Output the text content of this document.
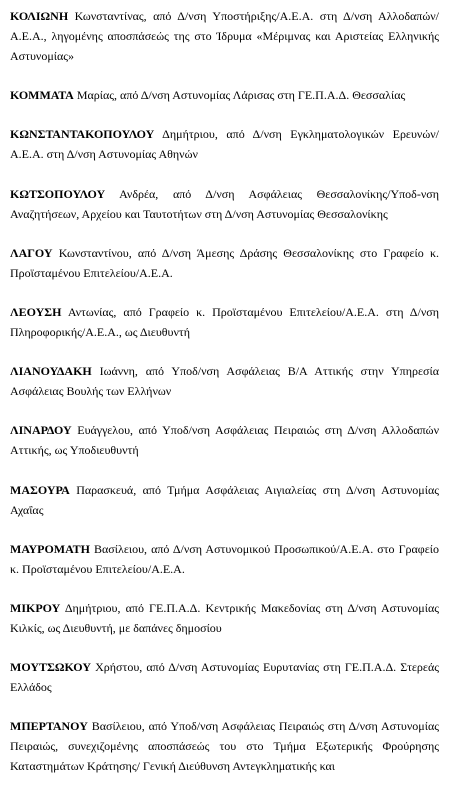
ΚΟΛΙΩΝΗ Κωνσταντίνας, από Δ/νση Υποστήριξης/Α.Ε.Α. στη Δ/νση Αλλοδαπών/Α.Ε.Α., ληγομένης αποσπάσεώς της στο Ίδρυμα «Μέριμνας και Αριστείας Ελληνικής Αστυνομίας»

ΚΟΜΜΑΤΑ Μαρίας, από Δ/νση Αστυνομίας Λάρισας στη ΓΕ.Π.Α.Δ. Θεσσαλίας

ΚΩΝΣΤΑΝΤΑΚΟΠΟΥΛΟΥ Δημήτριου, από Δ/νση Εγκληματολογικών Ερευνών/Α.Ε.Α. στη Δ/νση Αστυνομίας Αθηνών

ΚΩΤΣΟΠΟΥΛΟΥ Ανδρέα, από Δ/νση Ασφάλειας Θεσσαλονίκης/Υποδ-νση Αναζητήσεων, Αρχείου και Ταυτοτήτων στη Δ/νση Αστυνομίας Θεσσαλονίκης

ΛΑΓΟΥ Κωνσταντίνου, από Δ/νση Άμεσης Δράσης Θεσσαλονίκης στο Γραφείο κ. Προϊσταμένου Επιτελείου/Α.Ε.Α.

ΛΕΟΥΣΗ Αντωνίας, από Γραφείο κ. Προϊσταμένου Επιτελείου/Α.Ε.Α. στη Δ/νση Πληροφορικής/Α.Ε.Α., ως Διευθυντή

ΛΙΑΝΟΥΔΑΚΗ Ιωάννη, από Υποδ/νση Ασφάλειας Β/Α Αττικής στην Υπηρεσία Ασφάλειας Βουλής των Ελλήνων

ΛΙΝΑΡΔΟΥ Ευάγγελου, από Υποδ/νση Ασφάλειας Πειραιώς στη Δ/νση Αλλοδαπών Αττικής, ως Υποδιευθυντή

ΜΑΣΟΥΡΑ Παρασκευά, από Τμήμα Ασφάλειας Αιγιαλείας στη Δ/νση Αστυνομίας Αχαΐας

ΜΑΥΡΟΜΑΤΗ Βασίλειου, από Δ/νση Αστυνομικού Προσωπικού/Α.Ε.Α. στο Γραφείο κ. Προϊσταμένου Επιτελείου/Α.Ε.Α.

ΜΙΚΡΟΥ Δημήτριου, από ΓΕ.Π.Α.Δ. Κεντρικής Μακεδονίας στη Δ/νση Αστυνομίας Κιλκίς, ως Διευθυντή, με δαπάνες δημοσίου

ΜΟΥΤΣΩΚΟΥ Χρήστου, από Δ/νση Αστυνομίας Ευρυτανίας στη ΓΕ.Π.Α.Δ. Στερεάς Ελλάδος

ΜΠΕΡΤΑΝΟΥ Βασίλειου, από Υποδ/νση Ασφάλειας Πειραιώς στη Δ/νση Αστυνομίας Πειραιώς, συνεχιζομένης αποσπάσεώς του στο Τμήμα Εξωτερικής Φρούρησης Καταστημάτων Κράτησης/ Γενική Διεύθυνση Αντεγκληματικής και
